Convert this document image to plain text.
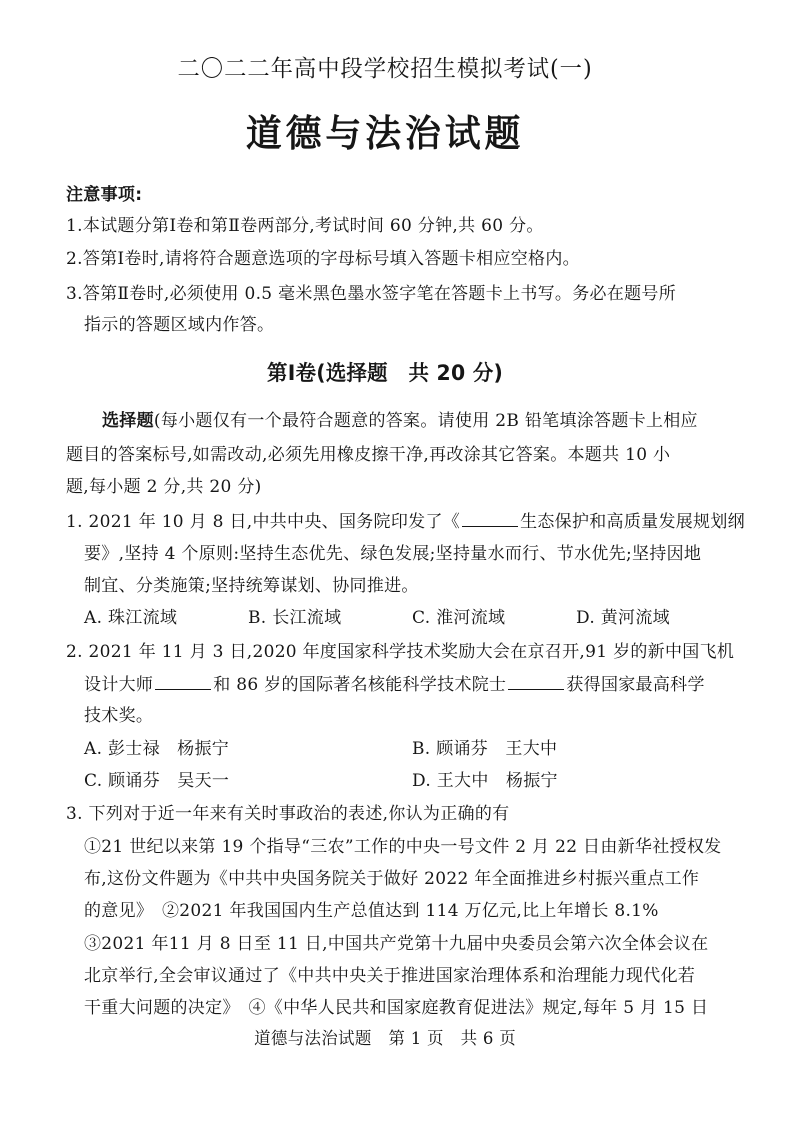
二〇二二年高中段学校招生模拟考试(一)
道德与法治试题
注意事项:
1.本试题分第Ⅰ卷和第Ⅱ卷两部分,考试时间 60 分钟,共 60 分。
2.答第Ⅰ卷时,请将符合题意选项的字母标号填入答题卡相应空格内。
3.答第Ⅱ卷时,必须使用 0.5 毫米黑色墨水签字笔在答题卡上书写。务必在题号所
指示的答题区域内作答。
第Ⅰ卷(选择题　共 20 分)
选择题(每小题仅有一个最符合题意的答案。请使用 2B 铅笔填涂答题卡上相应
题目的答案标号,如需改动,必须先用橡皮擦干净,再改涂其它答案。本题共 10 小
题,每小题 2 分,共 20 分)
1. 2021 年 10 月 8 日,中共中央、国务院印发了《	生态保护和高质量发展规划纲
要》,坚持 4 个原则:坚持生态优先、绿色发展;坚持量水而行、节水优先;坚持因地
制宜、分类施策;坚持统筹谋划、协同推进。
A. 珠江流域	B. 长江流域	C. 淮河流域	D. 黄河流域
2. 2021 年 11 月 3 日,2020 年度国家科学技术奖励大会在京召开,91 岁的新中国飞机
设计大师	和 86 岁的国际著名核能科学技术院士	获得国家最高科学
技术奖。
A. 彭士禄　杨振宁	B. 顾诵芬　王大中
C. 顾诵芬　吴天一	D. 王大中　杨振宁
3. 下列对于近一年来有关时事政治的表述,你认为正确的有
①21 世纪以来第 19 个指导“三农”工作的中央一号文件 2 月 22 日由新华社授权发
布,这份文件题为《中共中央国务院关于做好 2022 年全面推进乡村振兴重点工作
的意见》　②2021 年我国国内生产总值达到 114 万亿元,比上年增长 8.1%
③2021 年11 月 8 日至 11 日,中国共产党第十九届中央委员会第六次全体会议在
北京举行,全会审议通过了《中共中央关于推进国家治理体系和治理能力现代化若
干重大问题的决定》　④《中华人民共和国家庭教育促进法》规定,每年 5 月 15 日
道德与法治试题　第 1 页　共 6 页
